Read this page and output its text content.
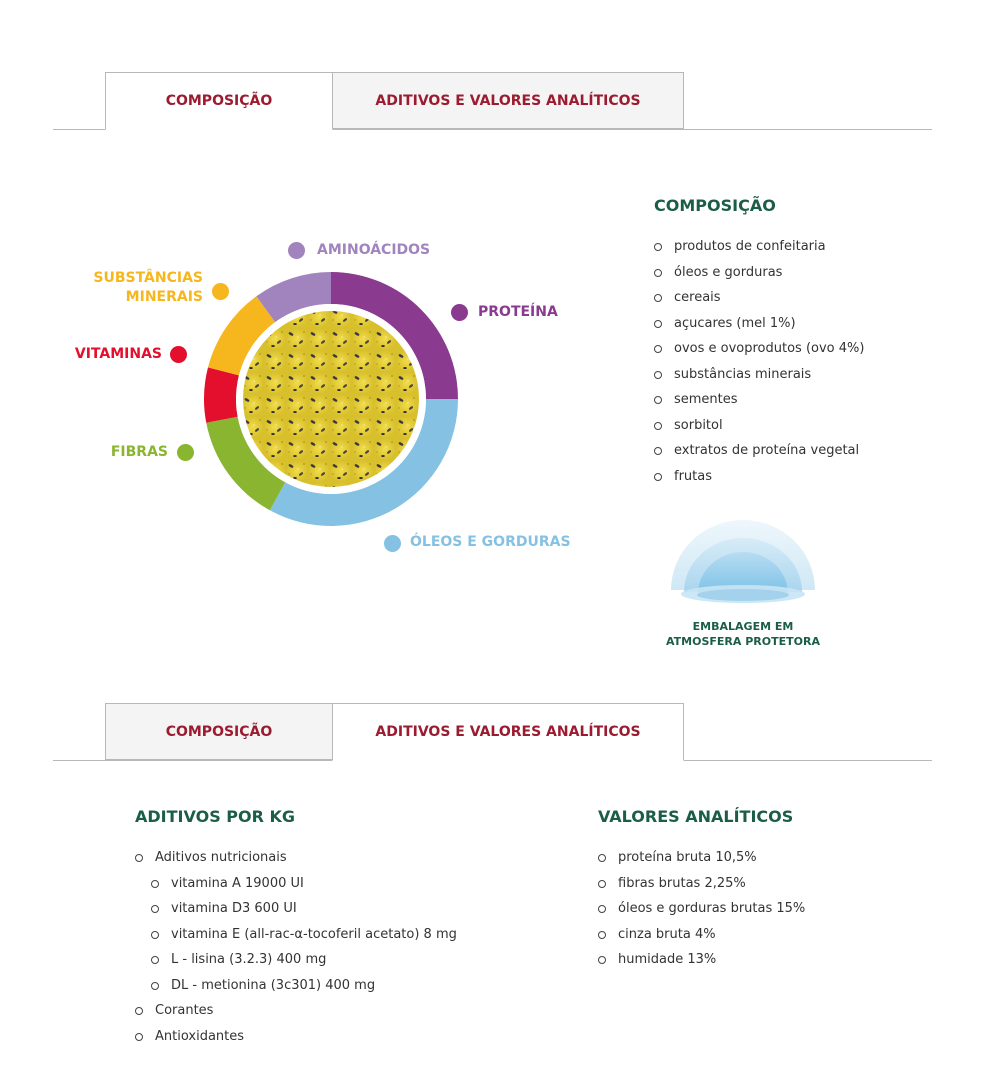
COMPOSIÇÃO	ADITIVOS E VALORES ANALÍTICOS
AMINOÁCIDOS
PROTEÍNA
SUBSTÂNCIAS
MINERAIS
VITAMINAS
FIBRAS
ÓLEOS E GORDURAS
COMPOSIÇÃO
produtos de confeitaria
óleos e gorduras
cereais
açucares (mel 1%)
ovos e ovoprodutos (ovo 4%)
substâncias minerais
sementes
sorbitol
extratos de proteína vegetal
frutas
EMBALAGEM EM
ATMOSFERA PROTETORA
COMPOSIÇÃO	ADITIVOS E VALORES ANALÍTICOS
ADITIVOS POR KG
Aditivos nutricionais
vitamina A 19000 UI
vitamina D3 600 UI
vitamina E (all-rac-α-tocoferil acetato) 8 mg
L - lisina (3.2.3) 400 mg
DL - metionina (3c301) 400 mg
Corantes
Antioxidantes
VALORES ANALÍTICOS
proteína bruta 10,5%
fibras brutas 2,25%
óleos e gorduras brutas 15%
cinza bruta 4%
humidade 13%
